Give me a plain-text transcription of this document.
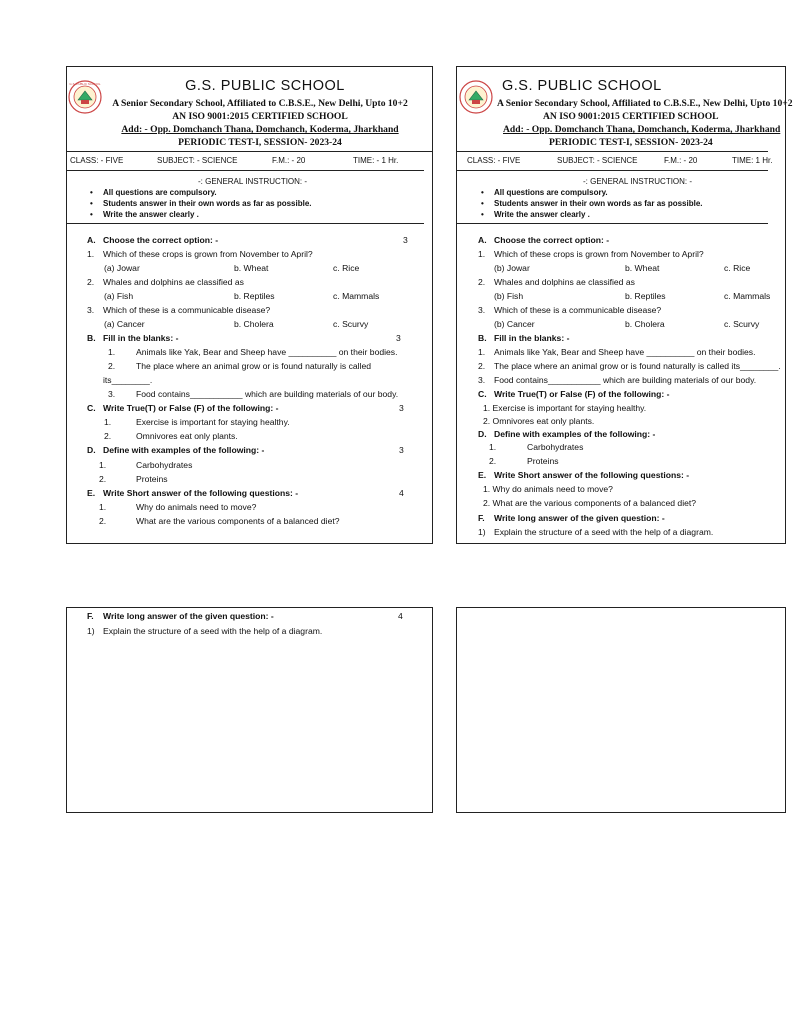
G.S. PUBLIC SCHOOL	G.S. PUBLIC SCHOOL
A Senior Secondary School, Affiliated to C.B.S.E., New Delhi, Upto 10+2
AN ISO 9001:2015 CERTIFIED SCHOOL
Add: - Opp. Domchanch Thana, Domchanch, Koderma, Jharkhand
PERIODIC TEST-I, SESSION- 2023-24
CLASS: - FIVE	SUBJECT: - SCIENCE	F.M.: - 20	TIME: - 1 Hr.
-: GENERAL INSTRUCTION: -
• All questions are compulsory.
• Students answer in their own words as far as possible.
• Write the answer clearly .
A. Choose the correct option: -	3
1. Which of these crops is grown from November to April?
(a) Jowar	b. Wheat	c. Rice
2. Whales and dolphins ae classified as
(a) Fish	b. Reptiles	c. Mammals
3. Which of these is a communicable disease?
(a) Cancer	b. Cholera	c. Scurvy
B. Fill in the blanks: -	3
1. Animals like Yak, Bear and Sheep have __________ on their bodies.
2. The place where an animal grow or is found naturally is called
its________.
3. Food contains___________ which are building materials of our body.
C. Write True(T) or False (F) of the following: -	3
1.	Exercise is important for staying healthy.
2.	Omnivores eat only plants.
D. Define with examples of the following: -	3
1.	Carbohydrates
2.	Proteins
E. Write Short answer of the following questions: -	4
1.	Why do animals need to move?
2.	What are the various components of a balanced diet?
G.S. PUBLIC SCHOOL
A Senior Secondary School, Affiliated to C.B.S.E., New Delhi, Upto 10+2
AN ISO 9001:2015 CERTIFIED SCHOOL
Add: - Opp. Domchanch Thana, Domchanch, Koderma, Jharkhand
PERIODIC TEST-I, SESSION- 2023-24
CLASS: - FIVE	SUBJECT: - SCIENCE	F.M.: - 20	TIME: 1 Hr.
-: GENERAL INSTRUCTION: -
• All questions are compulsory.
• Students answer in their own words as far as possible.
• Write the answer clearly .
A. Choose the correct option: -
1. Which of these crops is grown from November to April?
(b) Jowar	b. Wheat	c. Rice
2. Whales and dolphins ae classified as
(b) Fish	b. Reptiles	c. Mammals
3. Which of these is a communicable disease?
(b) Cancer	b. Cholera	c. Scurvy
B. Fill in the blanks: -
1. Animals like Yak, Bear and Sheep have __________ on their bodies.
2. The place where an animal grow or is found naturally is called its________.
3. Food contains___________ which are building materials of our body.
C. Write True(T) or False (F) of the following: -
1. Exercise is important for staying healthy.
2. Omnivores eat only plants.
D. Define with examples of the following: -
1.	Carbohydrates
2.	Proteins
E. Write Short answer of the following questions: -
1. Why do animals need to move?
2. What are the various components of a balanced diet?
F. Write long answer of the given question: -
1) Explain the structure of a seed with the help of a diagram.
F. Write long answer of the given question: -	4
1) Explain the structure of a seed with the help of a diagram.
